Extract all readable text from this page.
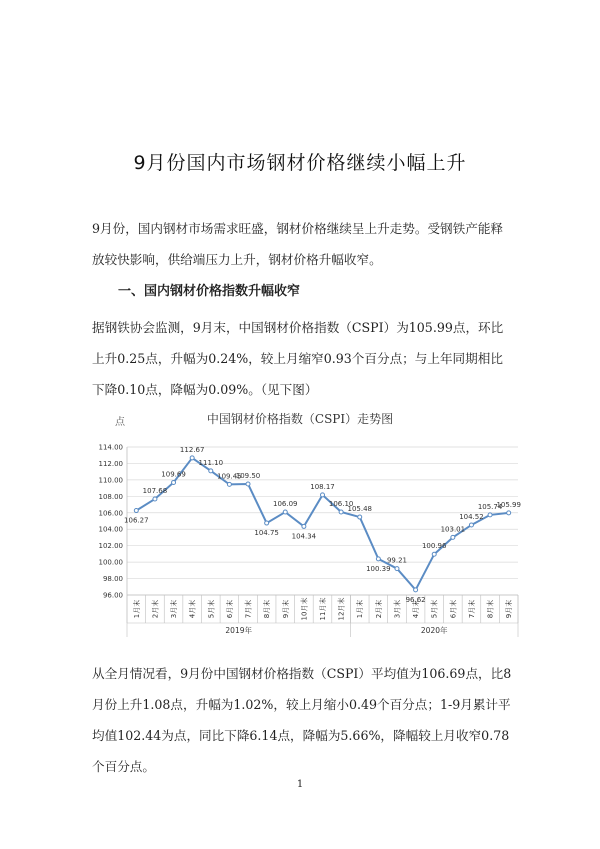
9月份国内市场钢材价格继续小幅上升
9月份，国内钢材市场需求旺盛，钢材价格继续呈上升走势。受钢铁产能释放较快影响，供给端压力上升，钢材价格升幅收窄。
一、国内钢材价格指数升幅收窄
据钢铁协会监测，9月末，中国钢材价格指数（CSPI）为105.99点，环比上升0.25点，升幅为0.24%，较上月缩窄0.93个百分点；与上年同期相比下降0.10点，降幅为0.09%。（见下图）
点	中国钢材价格指数（CSPI）走势图
96.00
98.00
100.00
102.00
104.00
106.00
108.00
110.00
112.00
114.00
1月末 2月末 3月末 4月末 5月末 6月末 7月末 8月末 9月末 10月末 11月末 12月末 1月末 2月末 3月末 4月末 5月末 6月末 7月末 8月末 9月末
2019年	2020年
106.27
107.68
109.69
112.67
111.10
109.45
109.50
104.75
106.09
104.34
108.17
106.10
105.48
100.39
99.21
96.62
100.96
103.01
104.52
105.74
105.99
从全月情况看，9月份中国钢材价格指数（CSPI）平均值为106.69点，比8月份上升1.08点，升幅为1.02%，较上月缩小0.49个百分点；1-9月累计平均值102.44为点，同比下降6.14点，降幅为5.66%，降幅较上月收窄0.78个百分点。
1
